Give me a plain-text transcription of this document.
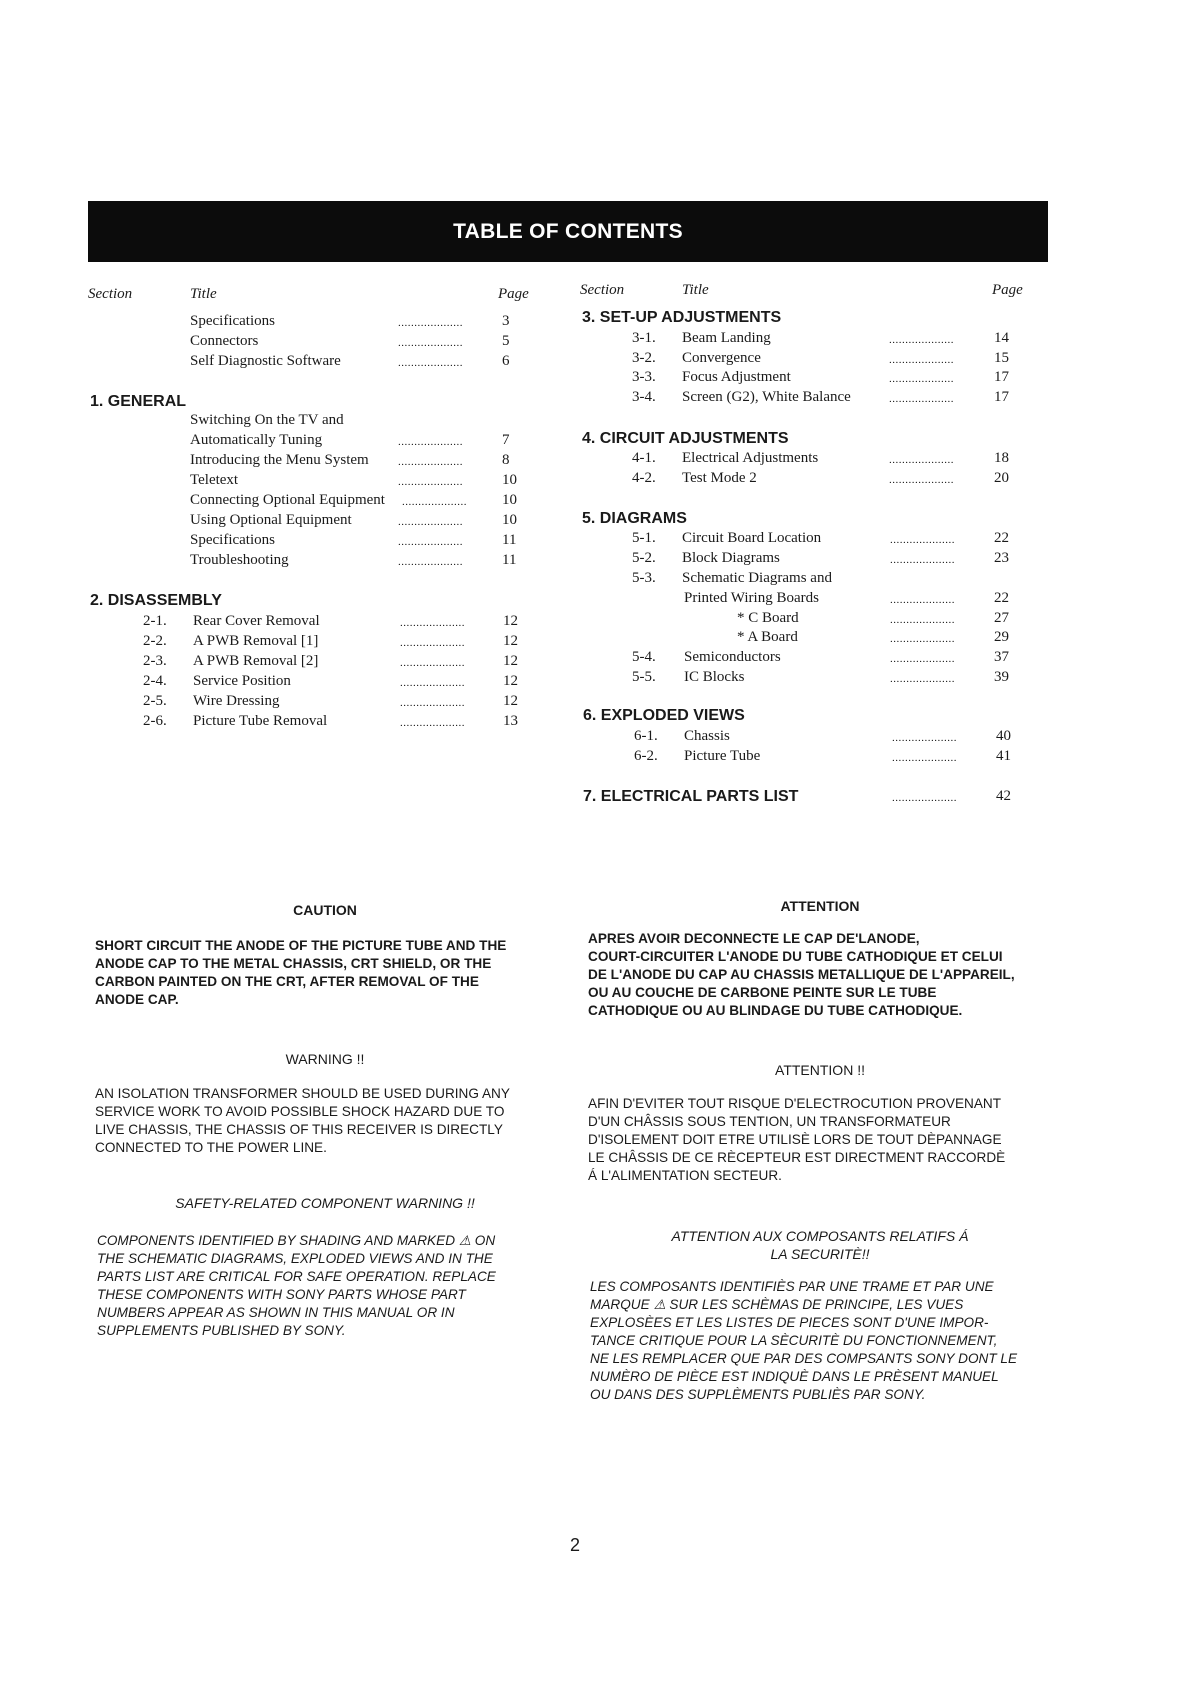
TABLE OF CONTENTS
Section	Title	Page
Specifications	....................	3
Connectors	....................	5
Self Diagnostic Software	....................	6
1. GENERAL
Switching On the TV and
Automatically Tuning	....................	7
Introducing the Menu System	....................	8
Teletext	....................	10
Connecting Optional Equipment .................... 10
Using Optional Equipment	....................	10
Specifications	....................	11
Troubleshooting	....................	11
2. DISASSEMBLY
2-1. Rear Cover Removal	....................	12
2-2. A PWB Removal [1]	....................	12
2-3. A PWB Removal [2]	....................	12
2-4. Service Position	....................	12
2-5. Wire Dressing	....................	12
2-6. Picture Tube Removal	....................	13
Section	Title	Page
3. SET-UP ADJUSTMENTS
3-1. Beam Landing	....................	14
3-2. Convergence	....................	15
3-3. Focus Adjustment	....................	17
3-4. Screen (G2), White Balance	....................	17
4. CIRCUIT ADJUSTMENTS
4-1. Electrical Adjustments	....................	18
4-2. Test Mode 2	....................	20
5. DIAGRAMS
5-1. Circuit Board Location	....................	22
5-2. Block Diagrams	....................	23
5-3. Schematic Diagrams and
Printed Wiring Boards	....................	22
* C Board	....................	27
* A Board	....................	29
5-4. Semiconductors	....................	37
5-5. IC Blocks	....................	39
6. EXPLODED VIEWS
6-1. Chassis	....................	40
6-2. Picture Tube	....................	41
7. ELECTRICAL PARTS LIST	....................	42
CAUTION
SHORT CIRCUIT THE ANODE OF THE PICTURE TUBE AND THE
ANODE CAP TO THE METAL CHASSIS, CRT SHIELD, OR THE
CARBON PAINTED ON THE CRT, AFTER REMOVAL OF THE
ANODE CAP.
WARNING !!
AN ISOLATION TRANSFORMER SHOULD BE USED DURING ANY
SERVICE WORK TO AVOID POSSIBLE SHOCK HAZARD DUE TO
LIVE CHASSIS, THE CHASSIS OF THIS RECEIVER IS DIRECTLY
CONNECTED TO THE POWER LINE.
SAFETY-RELATED COMPONENT WARNING !!
COMPONENTS IDENTIFIED BY SHADING AND MARKED ⚠ ON
THE SCHEMATIC DIAGRAMS, EXPLODED VIEWS AND IN THE
PARTS LIST ARE CRITICAL FOR SAFE OPERATION. REPLACE
THESE COMPONENTS WITH SONY PARTS WHOSE PART
NUMBERS APPEAR AS SHOWN IN THIS MANUAL OR IN
SUPPLEMENTS PUBLISHED BY SONY.
ATTENTION
APRES AVOIR DECONNECTE LE CAP DE'LANODE,
COURT-CIRCUITER L'ANODE DU TUBE CATHODIQUE ET CELUI
DE L'ANODE DU CAP AU CHASSIS METALLIQUE DE L'APPAREIL,
OU AU COUCHE DE CARBONE PEINTE SUR LE TUBE
CATHODIQUE OU AU BLINDAGE DU TUBE CATHODIQUE.
ATTENTION !!
AFIN D'EVITER TOUT RISQUE D'ELECTROCUTION PROVENANT
D'UN CHÂSSIS SOUS TENTION, UN TRANSFORMATEUR
D'ISOLEMENT DOIT ETRE UTILISÈ LORS DE TOUT DÈPANNAGE
LE CHÂSSIS DE CE RÈCEPTEUR EST DIRECTMENT RACCORDÈ
Á L'ALIMENTATION SECTEUR.
ATTENTION AUX COMPOSANTS RELATIFS Á
LA SECURITÈ!!
LES COMPOSANTS IDENTIFIÈS PAR UNE TRAME ET PAR UNE
MARQUE ⚠ SUR LES SCHÈMAS DE PRINCIPE, LES VUES
EXPLOSÈES ET LES LISTES DE PIECES SONT D'UNE IMPOR-
TANCE CRITIQUE POUR LA SÈCURITÈ DU FONCTIONNEMENT,
NE LES REMPLACER QUE PAR DES COMPSANTS SONY DONT LE
NUMÈRO DE PIÈCE EST INDIQUÈ DANS LE PRÈSENT MANUEL
OU DANS DES SUPPLÈMENTS PUBLIÈS PAR SONY.
2
